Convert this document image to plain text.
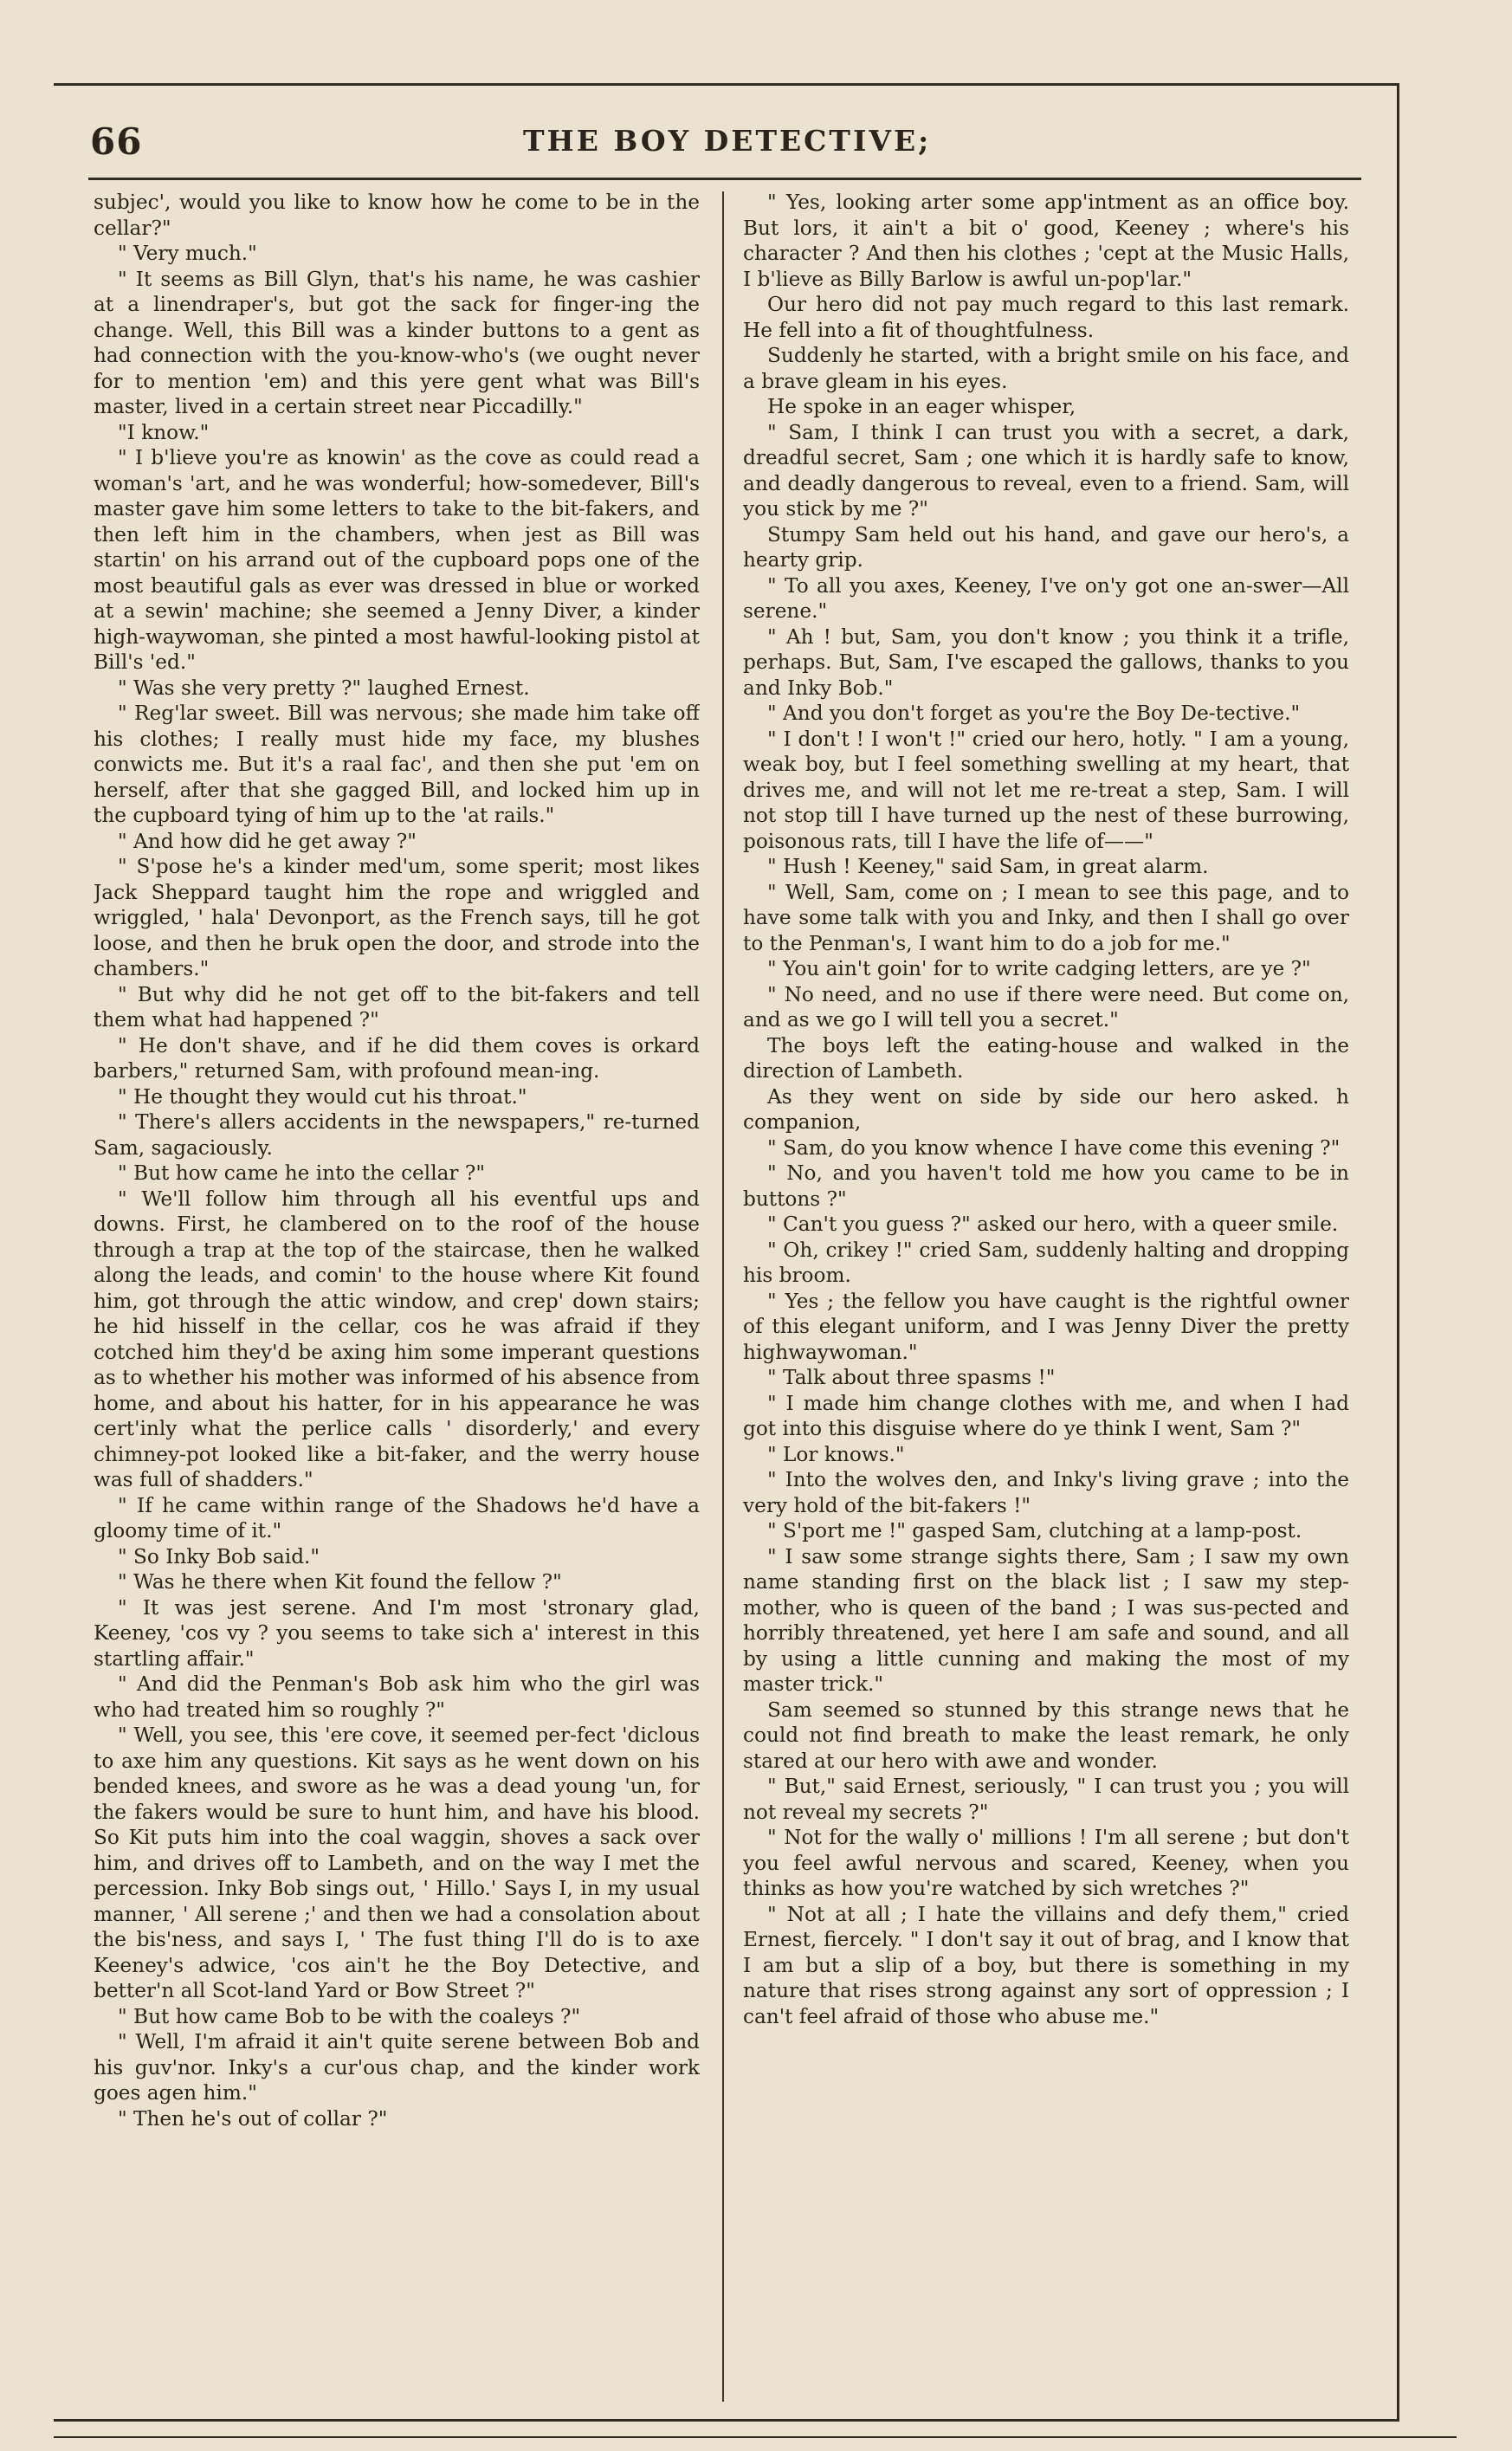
66	THE BOY DETECTIVE;

subjec', would you like to know how he come to be in the cellar?"

" Very much."

" It seems as Bill Glyn, that's his name, he was cashier at a linendraper's, but got the sack for finger-ing the change. Well, this Bill was a kinder buttons to a gent as had connection with the you-know-who's (we ought never for to mention 'em) and this yere gent what was Bill's master, lived in a certain street near Piccadilly."

"I know."

" I b'lieve you're as knowin' as the cove as could read a woman's 'art, and he was wonderful; how-somedever, Bill's master gave him some letters to take to the bit-fakers, and then left him in the chambers, when jest as Bill was startin' on his arrand out of the cupboard pops one of the most beautiful gals as ever was dressed in blue or worked at a sewin' machine; she seemed a Jenny Diver, a kinder high-waywoman, she pinted a most hawful-looking pistol at Bill's 'ed."

" Was she very pretty ?" laughed Ernest.

" Reg'lar sweet. Bill was nervous; she made him take off his clothes; I really must hide my face, my blushes conwicts me. But it's a raal fac', and then she put 'em on herself, after that she gagged Bill, and locked him up in the cupboard tying of him up to the 'at rails."

" And how did he get away ?"

" S'pose he's a kinder med'um, some sperit; most likes Jack Sheppard taught him the rope and wriggled and wriggled, ' hala' Devonport, as the French says, till he got loose, and then he bruk open the door, and strode into the chambers."

" But why did he not get off to the bit-fakers and tell them what had happened ?"

" He don't shave, and if he did them coves is orkard barbers," returned Sam, with profound mean-ing.

" He thought they would cut his throat."

" There's allers accidents in the newspapers," re-turned Sam, sagaciously.

" But how came he into the cellar ?"

" We'll follow him through all his eventful ups and downs. First, he clambered on to the roof of the house through a trap at the top of the staircase, then he walked along the leads, and comin' to the house where Kit found him, got through the attic window, and crep' down stairs; he hid hisself in the cellar, cos he was afraid if they cotched him they'd be axing him some imperant questions as to whether his mother was informed of his absence from home, and about his hatter, for in his appearance he was cert'inly what the perlice calls ' disorderly,' and every chimney-pot looked like a bit-faker, and the werry house was full of shadders."

" If he came within range of the Shadows he'd have a gloomy time of it."

" So Inky Bob said."

" Was he there when Kit found the fellow ?"

" It was jest serene. And I'm most 'stronary glad, Keeney, 'cos vy ? you seems to take sich a' interest in this startling affair."

" And did the Penman's Bob ask him who the girl was who had treated him so roughly ?"

" Well, you see, this 'ere cove, it seemed per-fect 'diclous to axe him any questions. Kit says as he went down on his bended knees, and swore as he was a dead young 'un, for the fakers would be sure to hunt him, and have his blood. So Kit puts him into the coal waggin, shoves a sack over him, and drives off to Lambeth, and on the way I met the percession. Inky Bob sings out, ' Hillo.' Says I, in my usual manner, ' All serene ;' and then we had a consolation about the bis'ness, and says I, ' The fust thing I'll do is to axe Keeney's adwice, 'cos ain't he the Boy Detective, and better'n all Scot-land Yard or Bow Street ?"

" But how came Bob to be with the coaleys ?"

" Well, I'm afraid it ain't quite serene between Bob and his guv'nor. Inky's a cur'ous chap, and the kinder work goes agen him."

" Then he's out of collar ?"

" Yes, looking arter some app'intment as an office boy. But lors, it ain't a bit o' good, Keeney ; where's his character ? And then his clothes ; 'cept at the Music Halls, I b'lieve as Billy Barlow is awful un-pop'lar."

Our hero did not pay much regard to this last remark. He fell into a fit of thoughtfulness.

Suddenly he started, with a bright smile on his face, and a brave gleam in his eyes.

He spoke in an eager whisper,

" Sam, I think I can trust you with a secret, a dark, dreadful secret, Sam ; one which it is hardly safe to know, and deadly dangerous to reveal, even to a friend. Sam, will you stick by me ?"

Stumpy Sam held out his hand, and gave our hero's, a hearty grip.

" To all you axes, Keeney, I've on'y got one an-swer—All serene."

" Ah ! but, Sam, you don't know ; you think it a trifle, perhaps. But, Sam, I've escaped the gallows, thanks to you and Inky Bob."

" And you don't forget as you're the Boy De-tective."

" I don't ! I won't !" cried our hero, hotly. " I am a young, weak boy, but I feel something swelling at my heart, that drives me, and will not let me re-treat a step, Sam. I will not stop till I have turned up the nest of these burrowing, poisonous rats, till I have the life of——"

" Hush ! Keeney," said Sam, in great alarm.

" Well, Sam, come on ; I mean to see this page, and to have some talk with you and Inky, and then I shall go over to the Penman's, I want him to do a job for me."

" You ain't goin' for to write cadging letters, are ye ?"

" No need, and no use if there were need. But come on, and as we go I will tell you a secret."

The boys left the eating-house and walked in the direction of Lambeth.

As they went on side by side our hero asked. h companion,

" Sam, do you know whence I have come this evening ?"

" No, and you haven't told me how you came to be in buttons ?"

" Can't you guess ?" asked our hero, with a queer smile.

" Oh, crikey !" cried Sam, suddenly halting and dropping his broom.

" Yes ; the fellow you have caught is the rightful owner of this elegant uniform, and I was Jenny Diver the pretty highwaywoman."

" Talk about three spasms !"

" I made him change clothes with me, and when I had got into this disguise where do ye think I went, Sam ?"

" Lor knows."

" Into the wolves den, and Inky's living grave ; into the very hold of the bit-fakers !"

" S'port me !" gasped Sam, clutching at a lamp-post.

" I saw some strange sights there, Sam ; I saw my own name standing first on the black list ; I saw my step-mother, who is queen of the band ; I was sus-pected and horribly threatened, yet here I am safe and sound, and all by using a little cunning and making the most of my master trick."

Sam seemed so stunned by this strange news that he could not find breath to make the least remark, he only stared at our hero with awe and wonder.

" But," said Ernest, seriously, " I can trust you ; you will not reveal my secrets ?"

" Not for the wally o' millions ! I'm all serene ; but don't you feel awful nervous and scared, Keeney, when you thinks as how you're watched by sich wretches ?"

" Not at all ; I hate the villains and defy them," cried Ernest, fiercely. " I don't say it out of brag, and I know that I am but a slip of a boy, but there is something in my nature that rises strong against any sort of oppression ; I can't feel afraid of those who abuse me."
